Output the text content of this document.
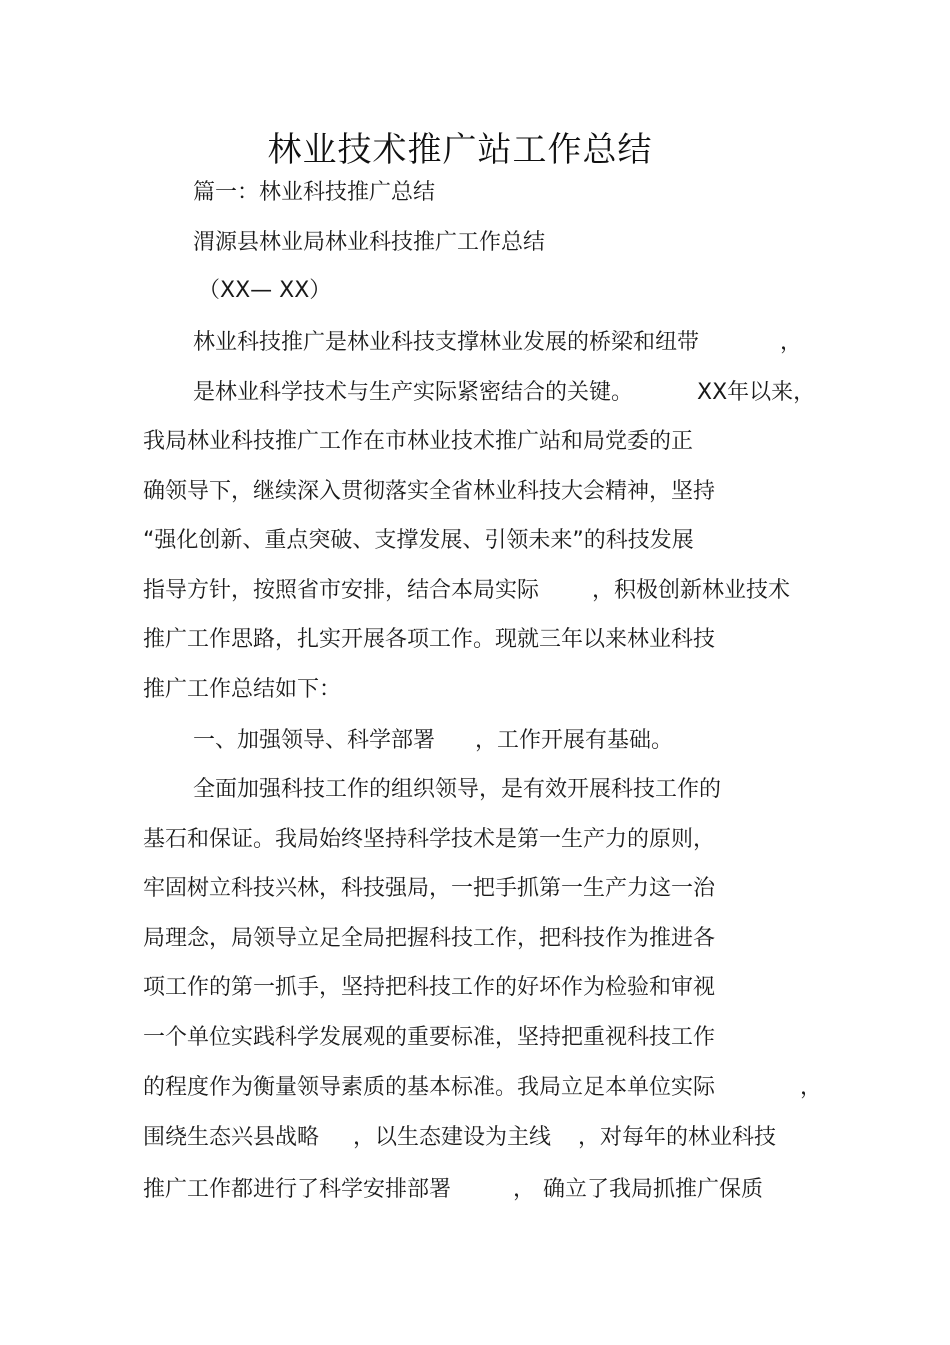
林业技术推广站工作总结
篇一：林业科技推广总结
渭源县林业局林业科技推广工作总结
（XX— XX）
林业科技推广是林业科技支撑林业发展的桥梁和纽带	，
是林业科学技术与生产实际紧密结合的关键。	XX年以来，
我局林业科技推广工作在市林业技术推广站和局党委的正
确领导下，继续深入贯彻落实全省林业科技大会精神，坚持
“强化创新、重点突破、支撑发展、引领未来”的科技发展
指导方针，按照省市安排，结合本局实际 ，积极创新林业技术
推广工作思路，扎实开展各项工作。现就三年以来林业科技
推广工作总结如下：
一、加强领导、科学部署 ，工作开展有基础。
全面加强科技工作的组织领导，是有效开展科技工作的
基石和保证。我局始终坚持科学技术是第一生产力的原则，
牢固树立科技兴林，科技强局，一把手抓第一生产力这一治
局理念，局领导立足全局把握科技工作，把科技作为推进各
项工作的第一抓手，坚持把科技工作的好坏作为检验和审视
一个单位实践科学发展观的重要标准，坚持把重视科技工作
的程度作为衡量领导素质的基本标准。我局立足本单位实际	，
围绕生态兴县战略 ，以生态建设为主线 ，对每年的林业科技
推广工作都进行了科学安排部署	， 确立了我局抓推广保质
